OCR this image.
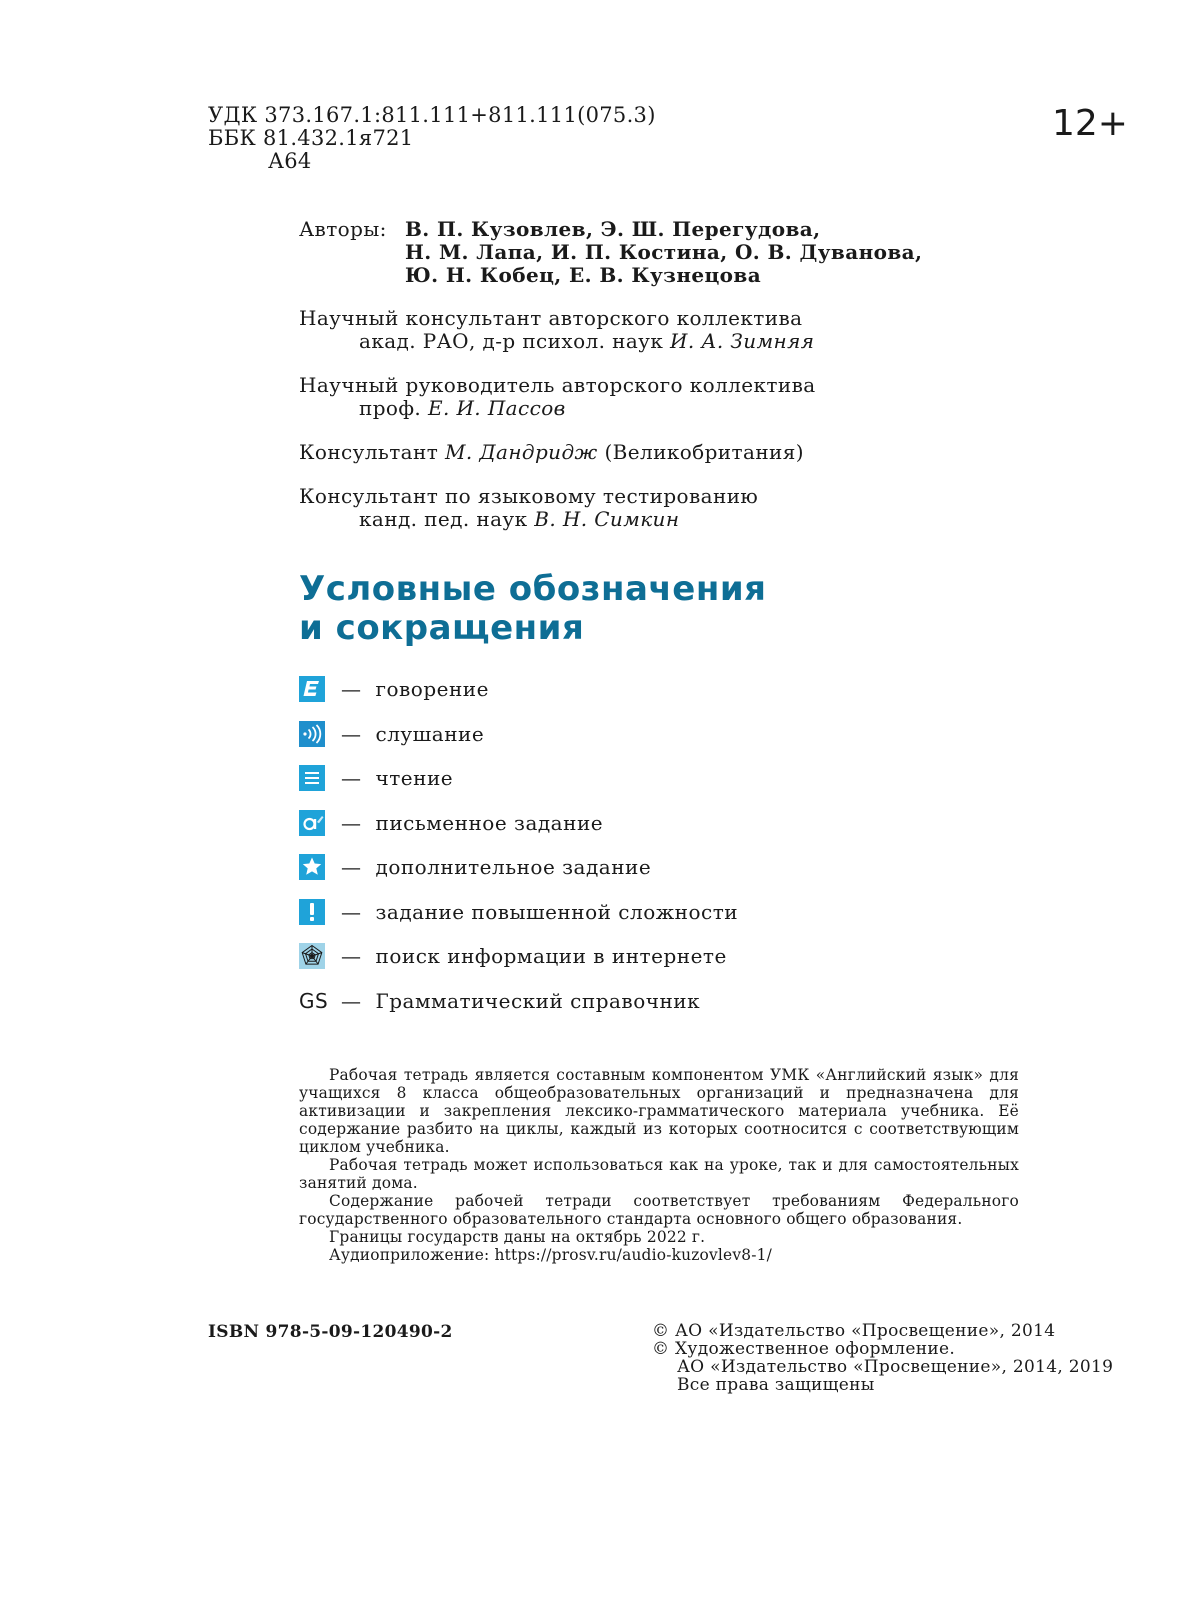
УДК 373.167.1:811.111+811.111(075.3)
ББК 81.432.1я721
А64
12+
Авторы: В. П. Кузовлев, Э. Ш. Перегудова,
Н. М. Лапа, И. П. Костина, О. В. Дуванова,
Ю. Н. Кобец, Е. В. Кузнецова
Научный консультант авторского коллектива
акад. РАО, д-р психол. наук И. А. Зимняя
Научный руководитель авторского коллектива
проф. Е. И. Пассов
Консультант М. Дандридж (Великобритания)
Консультант по языковому тестированию
канд. пед. наук В. Н. Симкин
Условные обозначения
и сокращения
— говорение
— слушание
— чтение
— письменное задание
— дополнительное задание
— задание повышенной сложности
— поиск информации в интернете
GS — Грамматический справочник

Рабочая тетрадь является составным компонентом УМК «Английский язык» для учащихся 8 класса общеобразовательных организаций и предназначена для активизации и закрепления лексико-грамматического материала учебника. Её содержание разбито на циклы, каждый из которых соотносится с соответствующим циклом учебника.

Рабочая тетрадь может использоваться как на уроке, так и для самостоятельных занятий дома.

Содержание рабочей тетради соответствует требованиям Федерального государственного образовательного стандарта основного общего образования.

Границы государств даны на октябрь 2022 г.

Аудиоприложение: https://prosv.ru/audio-kuzovlev8-1/

ISBN 978-5-09-120490-2	© АО «Издательство «Просвещение», 2014
© Художественное оформление.
АО «Издательство «Просвещение», 2014, 2019
Все права защищены
